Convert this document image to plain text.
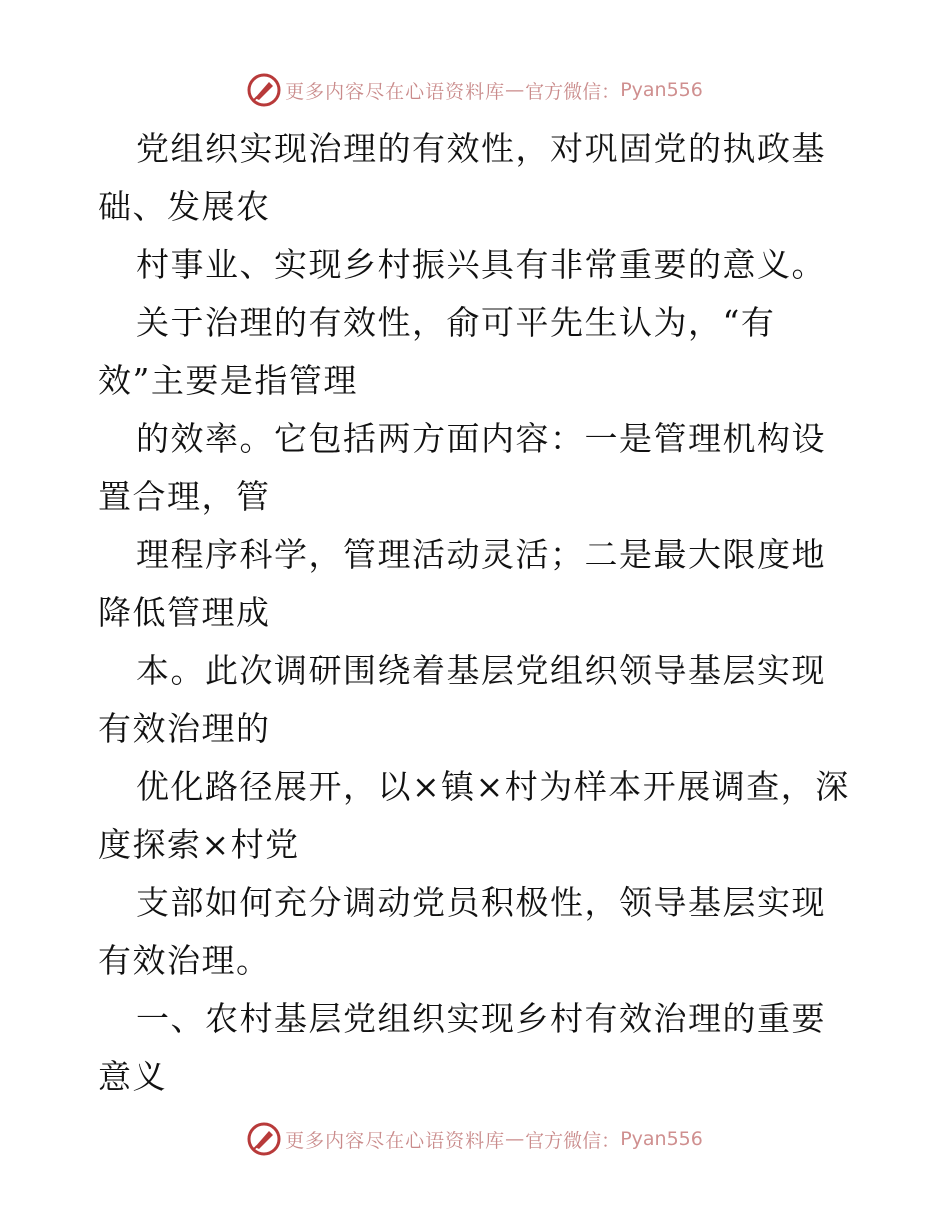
更多内容尽在心语资料库 — 官方微信： Pyan556

党组织实现治理的有效性，对巩固党的执政基础、发展农

村事业、实现乡村振兴具有非常重要的意义。

关于治理的有效性，俞可平先生认为，“有效”主要是指管理

的效率。它包括两方面内容：一是管理机构设置合理，管

理程序科学，管理活动灵活；二是最大限度地降低管理成

本。此次调研围绕着基层党组织领导基层实现有效治理的

优化路径展开，以×镇×村为样本开展调查，深度探索×村党

支部如何充分调动党员积极性，领导基层实现有效治理。

一、农村基层党组织实现乡村有效治理的重要意义

更多内容尽在心语资料库 — 官方微信： Pyan556
